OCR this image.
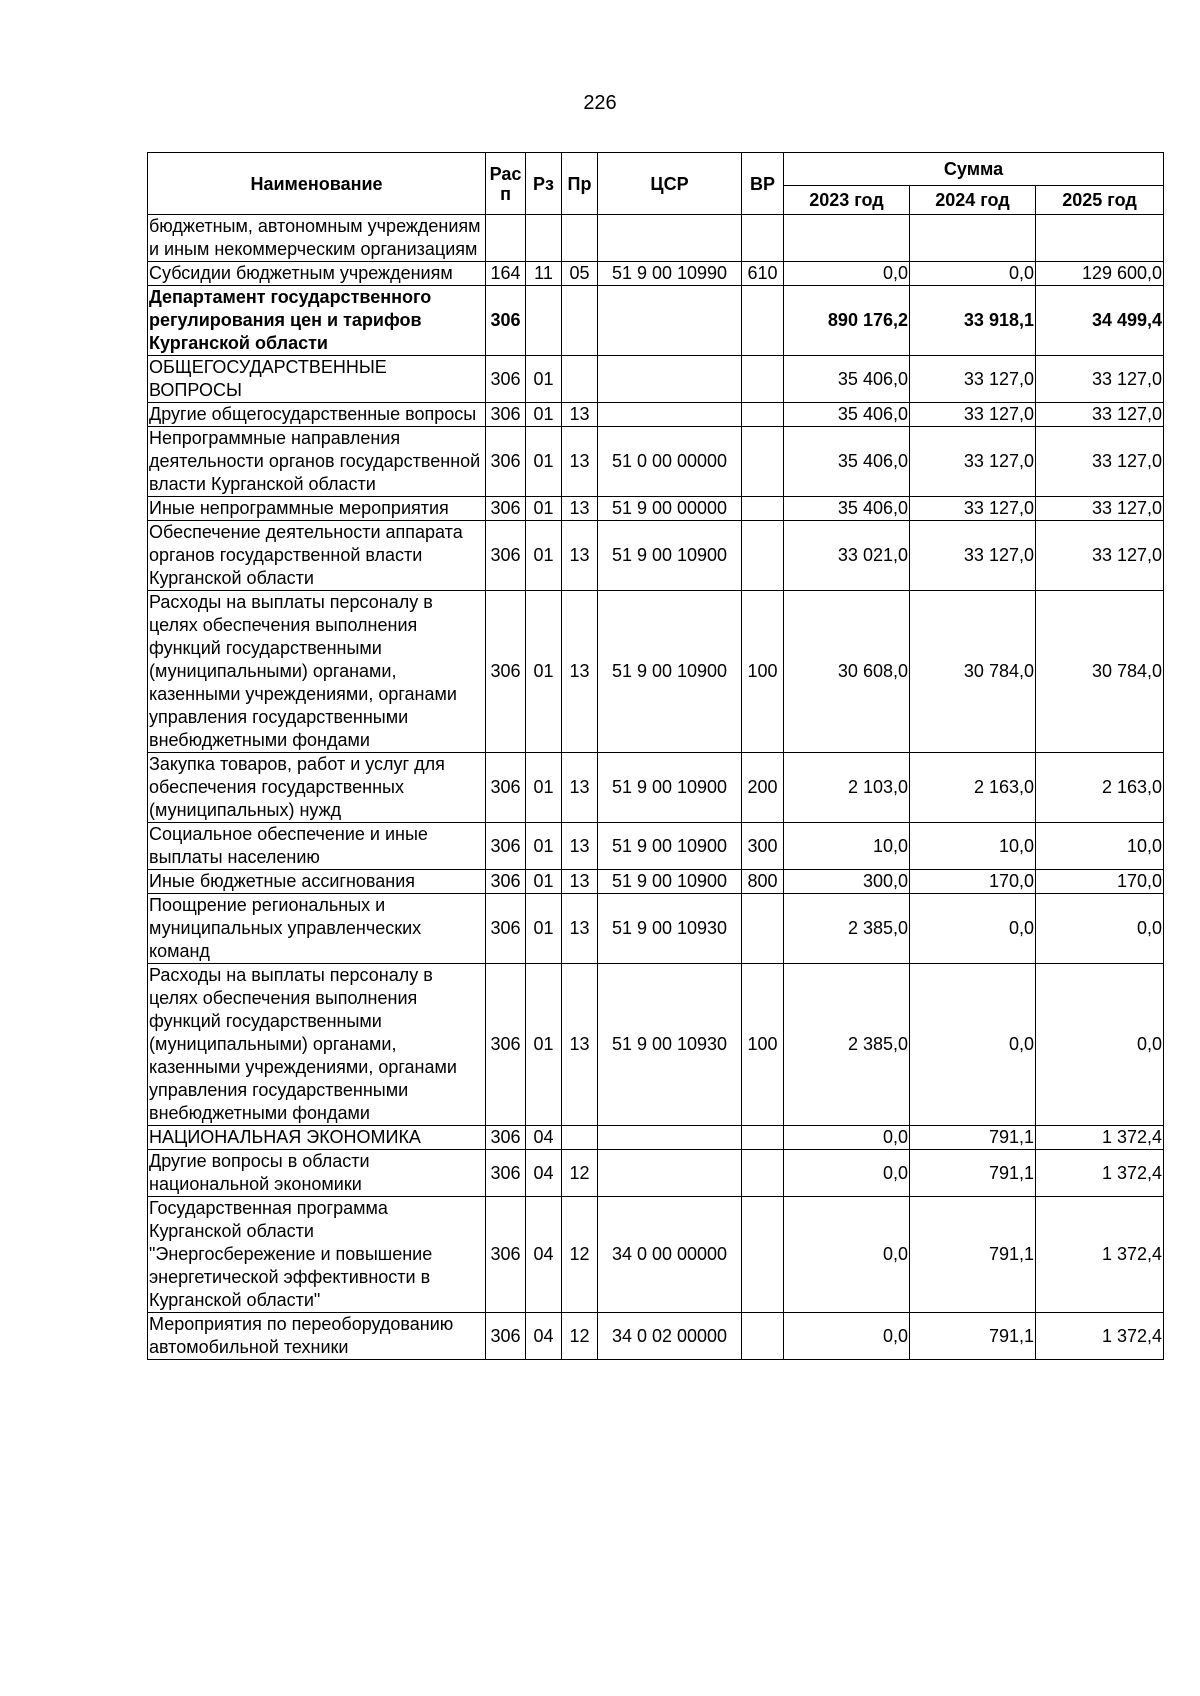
226
Наименование	Рас п	Рз	Пр	ЦСР	ВР	Сумма		
						2023 год	2024 год	2025 год
бюджетным, автономным учреждениям и иным некоммерческим организациям								
Субсидии бюджетным учреждениям	164	11	05	51 9 00 10990	610	0,0	0,0	129 600,0
Департамент государственного регулирования цен и тарифов Курганской области	306					890 176,2	33 918,1	34 499,4
ОБЩЕГОСУДАРСТВЕННЫЕ ВОПРОСЫ	306	01				35 406,0	33 127,0	33 127,0
Другие общегосударственные вопросы	306	01	13			35 406,0	33 127,0	33 127,0
Непрограммные направления деятельности органов государственной власти Курганской области	306	01	13	51 0 00 00000		35 406,0	33 127,0	33 127,0
Иные непрограммные мероприятия	306	01	13	51 9 00 00000		35 406,0	33 127,0	33 127,0
Обеспечение деятельности аппарата органов государственной власти Курганской области	306	01	13	51 9 00 10900		33 021,0	33 127,0	33 127,0
Расходы на выплаты персоналу в целях обеспечения выполнения функций государственными (муниципальными) органами, казенными учреждениями, органами управления государственными внебюджетными фондами	306	01	13	51 9 00 10900	100	30 608,0	30 784,0	30 784,0
Закупка товаров, работ и услуг для обеспечения государственных (муниципальных) нужд	306	01	13	51 9 00 10900	200	2 103,0	2 163,0	2 163,0
Социальное обеспечение и иные выплаты населению	306	01	13	51 9 00 10900	300	10,0	10,0	10,0
Иные бюджетные ассигнования	306	01	13	51 9 00 10900	800	300,0	170,0	170,0
Поощрение региональных и муниципальных управленческих команд	306	01	13	51 9 00 10930		2 385,0	0,0	0,0
Расходы на выплаты персоналу в целях обеспечения выполнения функций государственными (муниципальными) органами, казенными учреждениями, органами управления государственными внебюджетными фондами	306	01	13	51 9 00 10930	100	2 385,0	0,0	0,0
НАЦИОНАЛЬНАЯ ЭКОНОМИКА	306	04				0,0	791,1	1 372,4
Другие вопросы в области национальной экономики	306	04	12			0,0	791,1	1 372,4
Государственная программа Курганской области "Энергосбережение и повышение энергетической эффективности в Курганской области"	306	04	12	34 0 00 00000		0,0	791,1	1 372,4
Мероприятия по переоборудованию автомобильной техники	306	04	12	34 0 02 00000		0,0	791,1	1 372,4
